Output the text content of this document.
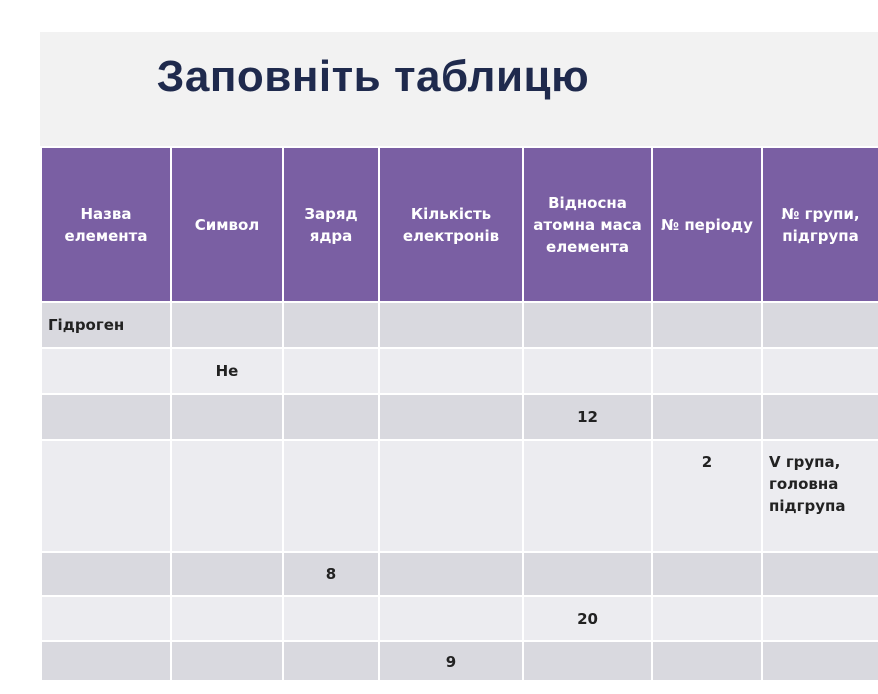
Заповніть таблицю
Назва елемента	Символ	Заряд ядра	Кількість електронів	Відносна атомна маса елемента	№ періоду	№ групи, підгрупа
Гідроген						
	He					
				12		
					2	V група, головна підгрупа
		8				
				20		
			9			
